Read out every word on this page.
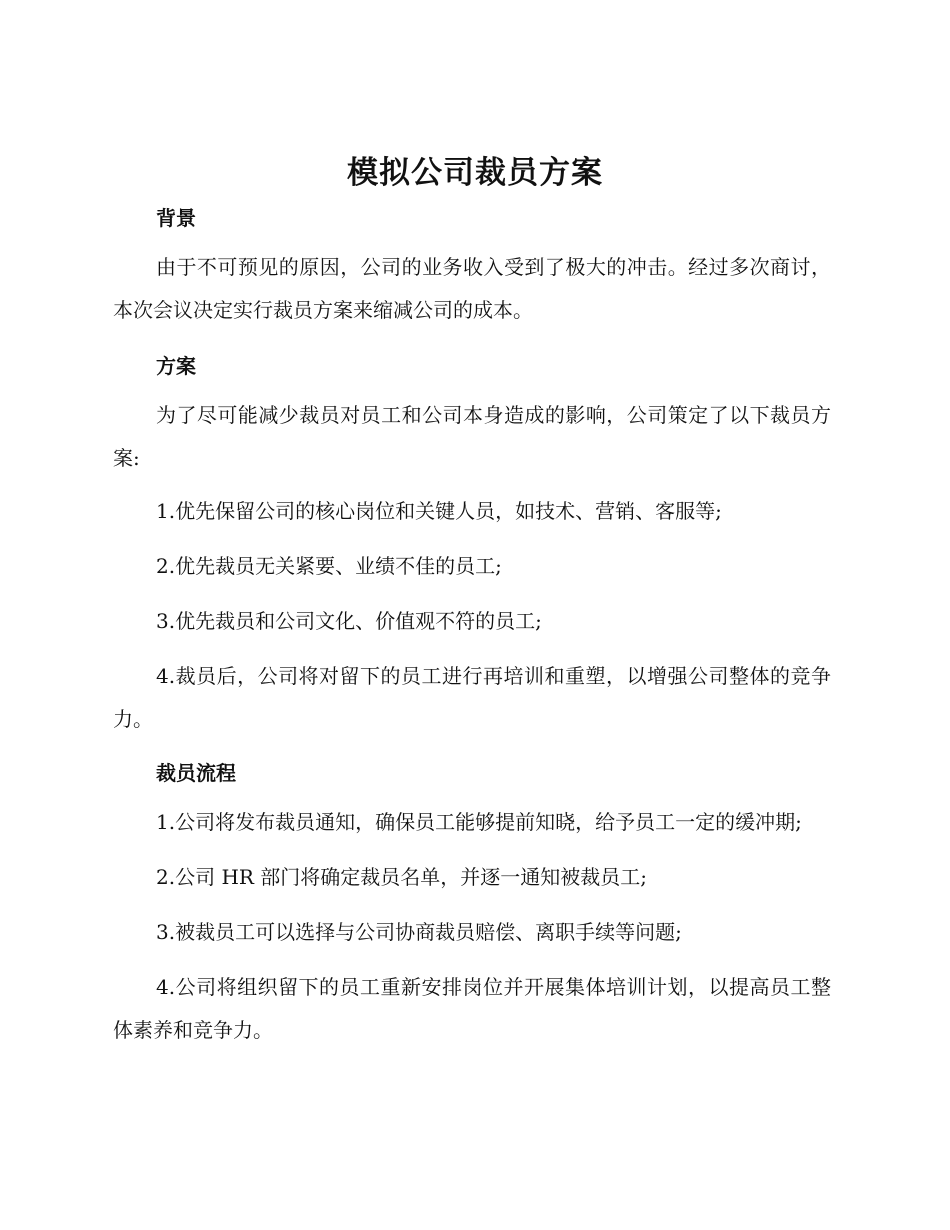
模拟公司裁员方案
背景

由于不可预见的原因，公司的业务收入受到了极大的冲击。经过多次商讨，本次会议决定实行裁员方案来缩减公司的成本。

方案

为了尽可能减少裁员对员工和公司本身造成的影响，公司策定了以下裁员方案:

1.优先保留公司的核心岗位和关键人员，如技术、营销、客服等;

2.优先裁员无关紧要、业绩不佳的员工;

3.优先裁员和公司文化、价值观不符的员工;

4.裁员后，公司将对留下的员工进行再培训和重塑，以增强公司整体的竞争力。

裁员流程

1.公司将发布裁员通知，确保员工能够提前知晓，给予员工一定的缓冲期;

2.公司 HR 部门将确定裁员名单，并逐一通知被裁员工;

3.被裁员工可以选择与公司协商裁员赔偿、离职手续等问题;

4.公司将组织留下的员工重新安排岗位并开展集体培训计划，以提高员工整体素养和竞争力。
